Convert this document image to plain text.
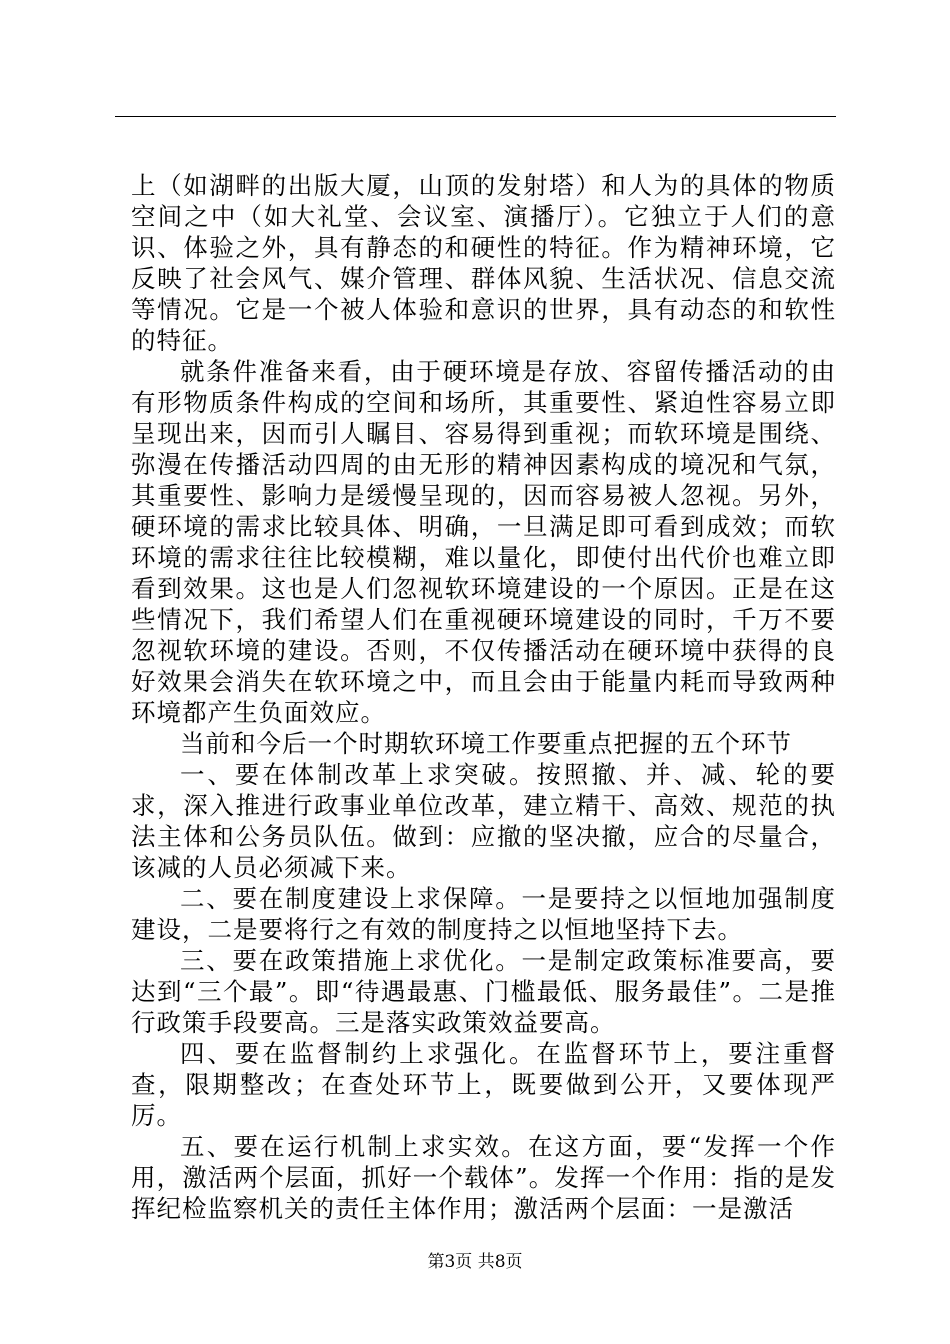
上（如湖畔的出版大厦，山顶的发射塔）和人为的具体的物质空间之中（如大礼堂、会议室、演播厅）。它独立于人们的意识、体验之外，具有静态的和硬性的特征。作为精神环境，它反映了社会风气、媒介管理、群体风貌、生活状况、信息交流等情况。它是一个被人体验和意识的世界，具有动态的和软性的特征。

就条件准备来看，由于硬环境是存放、容留传播活动的由有形物质条件构成的空间和场所，其重要性、紧迫性容易立即呈现出来，因而引人瞩目、容易得到重视；而软环境是围绕、弥漫在传播活动四周的由无形的精神因素构成的境况和气氛，其重要性、影响力是缓慢呈现的，因而容易被人忽视。另外，硬环境的需求比较具体、明确，一旦满足即可看到成效；而软环境的需求往往比较模糊，难以量化，即使付出代价也难立即看到效果。这也是人们忽视软环境建设的一个原因。正是在这些情况下，我们希望人们在重视硬环境建设的同时，千万不要忽视软环境的建设。否则，不仅传播活动在硬环境中获得的良好效果会消失在软环境之中，而且会由于能量内耗而导致两种环境都产生负面效应。

当前和今后一个时期软环境工作要重点把握的五个环节

一、要在体制改革上求突破。按照撤、并、减、轮的要求，深入推进行政事业单位改革，建立精干、高效、规范的执法主体和公务员队伍。做到：应撤的坚决撤，应合的尽量合，该减的人员必须减下来。

二、要在制度建设上求保障。一是要持之以恒地加强制度建设，二是要将行之有效的制度持之以恒地坚持下去。

三、要在政策措施上求优化。一是制定政策标准要高，要达到“三个最”。即“待遇最惠、门槛最低、服务最佳”。二是推行政策手段要高。三是落实政策效益要高。

四、要在监督制约上求强化。在监督环节上，要注重督查，限期整改；在查处环节上，既要做到公开，又要体现严厉。

五、要在运行机制上求实效。在这方面，要“发挥一个作用，激活两个层面，抓好一个载体”。发挥一个作用：指的是发挥纪检监察机关的责任主体作用；激活两个层面：一是激活

第3页 共8页
